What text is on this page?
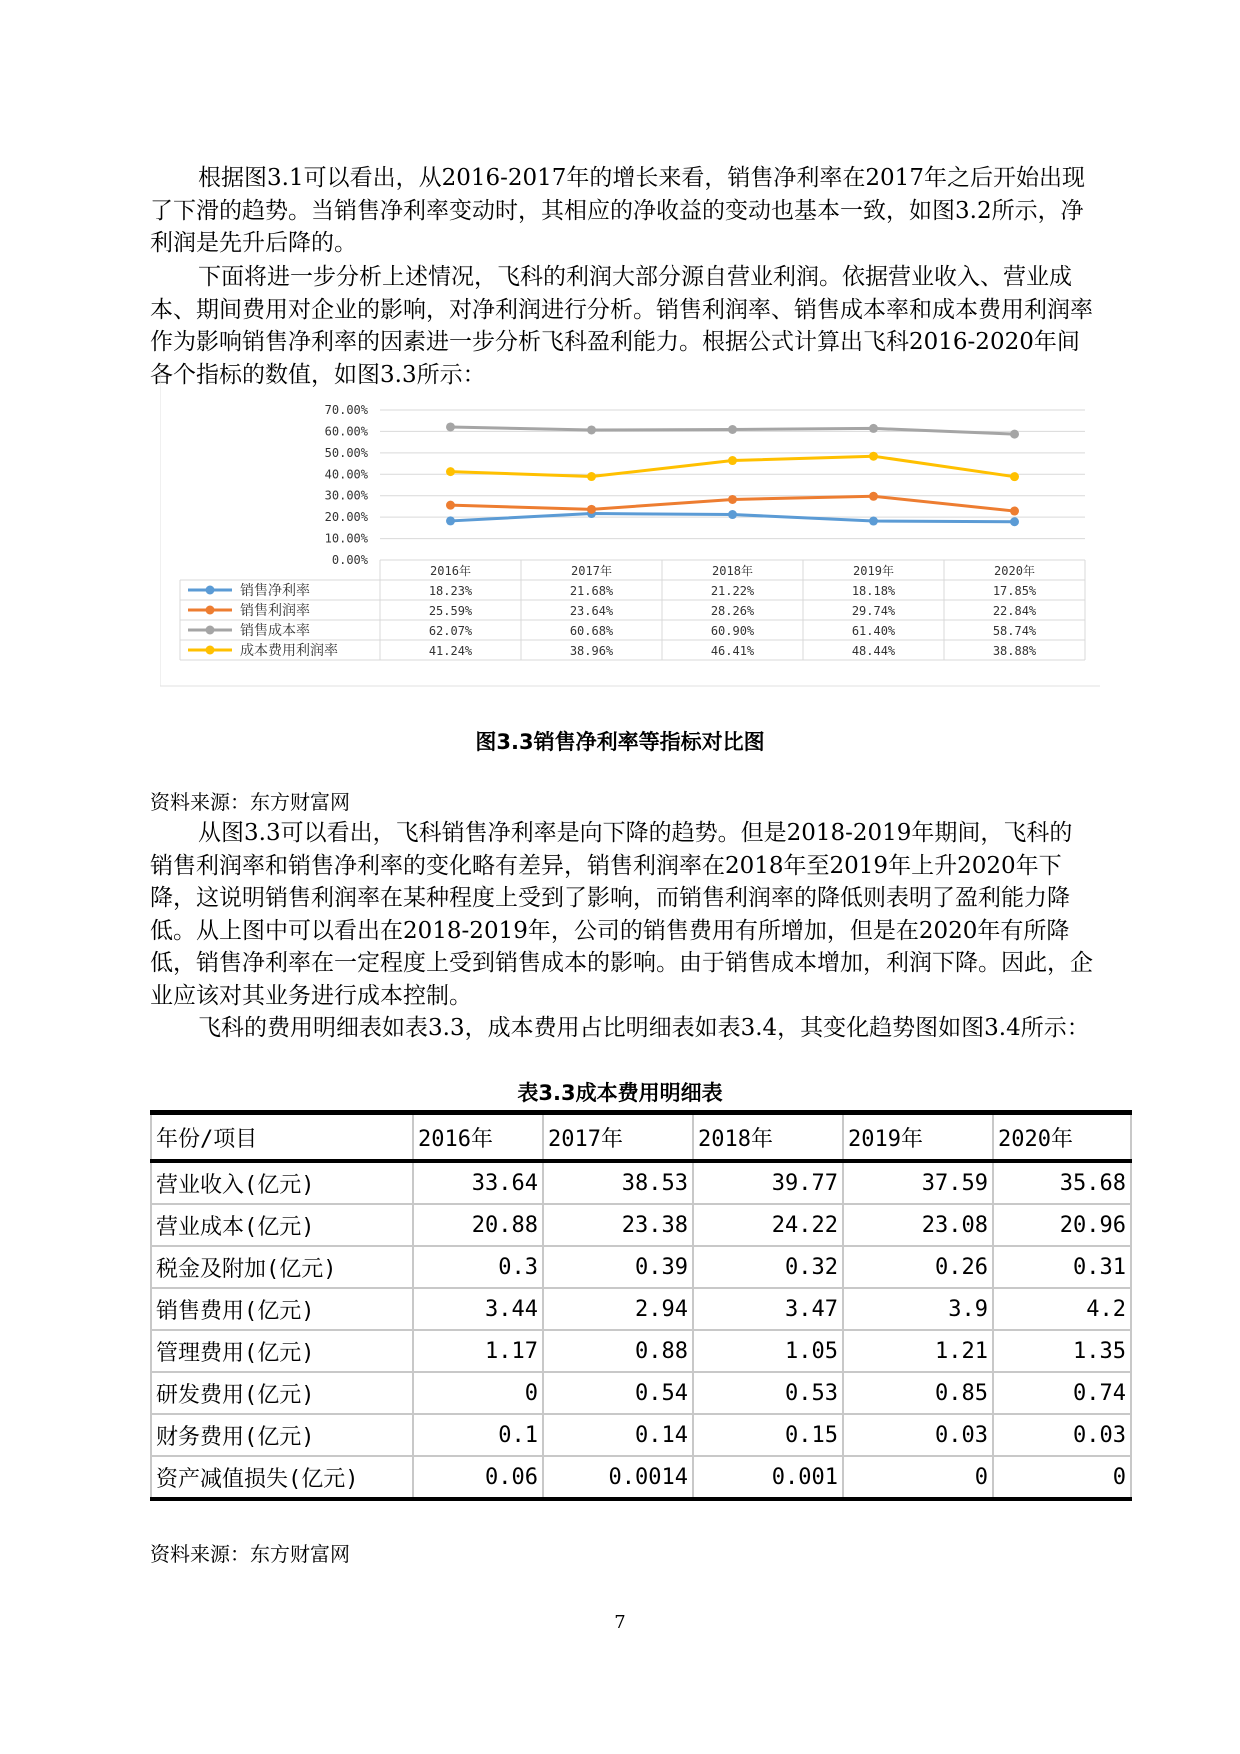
根据图3.1可以看出，从2016-2017年的增长来看，销售净利率在2017年之后开始出现了下滑的趋势。当销售净利率变动时，其相应的净收益的变动也基本一致，如图3.2所示，净利润是先升后降的。

下面将进一步分析上述情况，飞科的利润大部分源自营业利润。依据营业收入、营业成本、期间费用对企业的影响，对净利润进行分析。销售利润率、销售成本率和成本费用利润率作为影响销售净利率的因素进一步分析飞科盈利能力。根据公式计算出飞科2016-2020年间各个指标的数值，如图3.3所示：

0.00%
10.00%
20.00%
30.00%
40.00%
50.00%
60.00%
70.00%
2016年	2017年	2018年	2019年	2020年
销售净利率	18.23%	21.68%	21.22%	18.18%	17.85%
销售利润率	25.59%	23.64%	28.26%	29.74%	22.84%
销售成本率	62.07%	60.68%	60.90%	61.40%	58.74%
成本费用利润率	41.24%	38.96%	46.41%	48.44%	38.88%

图3.3销售净利率等指标对比图

资料来源：东方财富网

从图3.3可以看出，飞科销售净利率是向下降的趋势。但是2018-2019年期间，飞科的销售利润率和销售净利率的变化略有差异，销售利润率在2018年至2019年上升2020年下降，这说明销售利润率在某种程度上受到了影响，而销售利润率的降低则表明了盈利能力降低。从上图中可以看出在2018-2019年，公司的销售费用有所增加，但是在2020年有所降低，销售净利率在一定程度上受到销售成本的影响。由于销售成本增加，利润下降。因此，企业应该对其业务进行成本控制。

飞科的费用明细表如表3.3，成本费用占比明细表如表3.4，其变化趋势图如图3.4所示：

表3.3成本费用明细表

年份/项目	2016年	2017年	2018年	2019年	2020年
营业收入(亿元)	33.64	38.53	39.77	37.59	35.68
营业成本(亿元)	20.88	23.38	24.22	23.08	20.96
税金及附加(亿元)	0.3	0.39	0.32	0.26	0.31
销售费用(亿元)	3.44	2.94	3.47	3.9	4.2
管理费用(亿元)	1.17	0.88	1.05	1.21	1.35
研发费用(亿元)	0	0.54	0.53	0.85	0.74
财务费用(亿元)	0.1	0.14	0.15	0.03	0.03
资产减值损失(亿元)	0.06	0.0014	0.001	0	0

资料来源：东方财富网

7
